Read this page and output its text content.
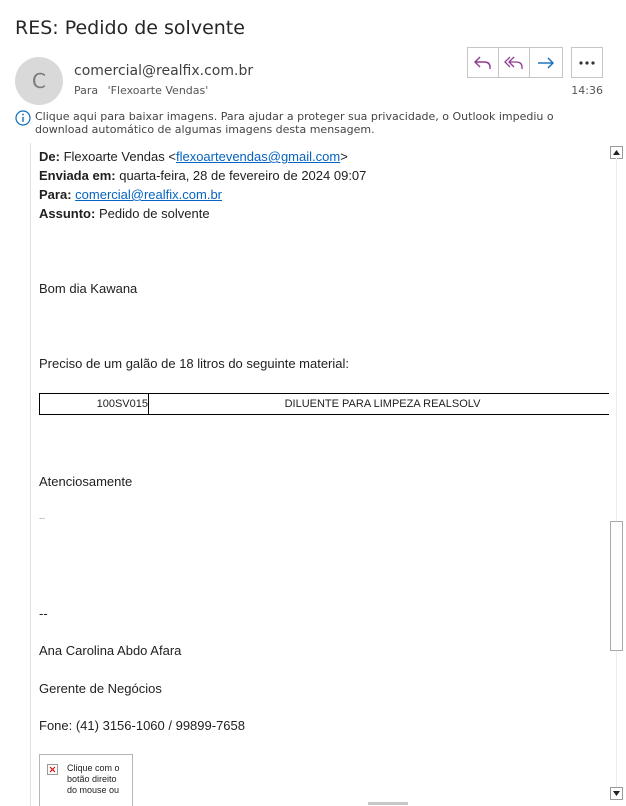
RES: Pedido de solvente
C comercial@realfix.com.br
Para 'Flexoarte Vendas'	14:36
Clique aqui para baixar imagens. Para ajudar a proteger sua privacidade, o Outlook impediu o download automático de algumas imagens desta mensagem.
De: Flexoarte Vendas <flexoartevendas@gmail.com>
Enviada em: quarta-feira, 28 de fevereiro de 2024 09:07
Para: comercial@realfix.com.br
Assunto: Pedido de solvente
Bom dia Kawana
Preciso de um galão de 18 litros do seguinte material:
100SV015	DILUENTE PARA LIMPEZA REALSOLV
Atenciosamente
--
--
Ana Carolina Abdo Afara
Gerente de Negócios
Fone: (41) 3156-1060 / 99899-7658
Clique com o botão direito do mouse ou
